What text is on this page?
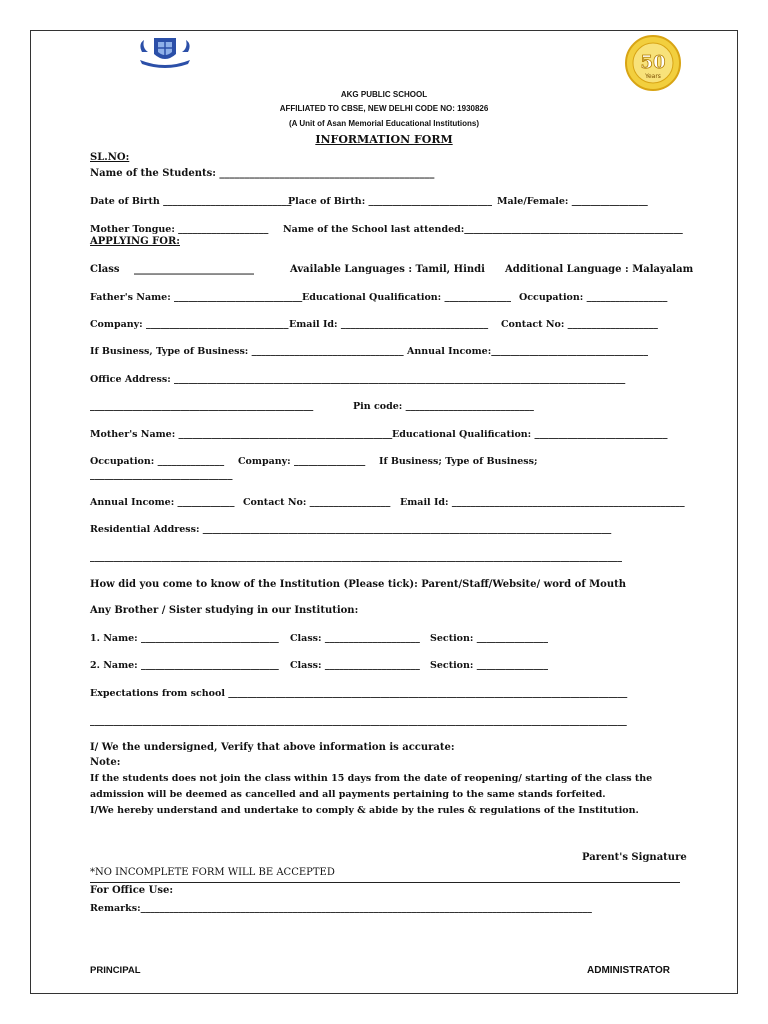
50
Years
AKG PUBLIC SCHOOL
AFFILIATED TO CBSE, NEW DELHI CODE NO: 1930826
(A Unit of Asan Memorial Educational Institutions)
INFORMATION FORM
SL.NO:
Name of the Students: ___________________________________________
Date of Birth ___________________________
Place of Birth: __________________________ Male/Female: ________________
Mother Tongue: ___________________ Name of the School last attended:______________________________________________
APPLYING FOR:
Class ________________________	Available Languages : Tamil, Hindi Additional Language : Malayalam
Father's Name: ___________________________ Educational Qualification: ______________ Occupation: _________________
Company: ______________________________ Email Id: _______________________________ Contact No: ___________________
If Business, Type of Business: ________________________________ Annual Income:_________________________________
Office Address: _______________________________________________________________________________________________
_______________________________________________	Pin code: ___________________________
Mother's Name: _____________________________________________ Educational Qualification: ____________________________
Occupation: ______________ Company: _______________ If Business; Type of Business;
______________________________
Annual Income: ____________ Contact No: _________________ Email Id: _________________________________________________
Residential Address: ______________________________________________________________________________________
________________________________________________________________________________________________________________
How did you come to know of the Institution (Please tick): Parent/Staff/Website/ word of Mouth
Any Brother / Sister studying in our Institution:
1. Name: _____________________________ Class: ____________________ Section: _______________
2. Name: _____________________________ Class: ____________________ Section: _______________
Expectations from school ____________________________________________________________________________________
_________________________________________________________________________________________________________________
I/ We the undersigned, Verify that above information is accurate:
Note:
If the students does not join the class within 15 days from the date of reopening/ starting of the class the
admission will be deemed as cancelled and all payments pertaining to the same stands forfeited.
I/We hereby understand and undertake to comply & abide by the rules & regulations of the Institution.
Parent's Signature
*NO INCOMPLETE FORM WILL BE ACCEPTED
For Office Use:
Remarks:_______________________________________________________________________________________________
PRINCIPAL	ADMINISTRATOR
